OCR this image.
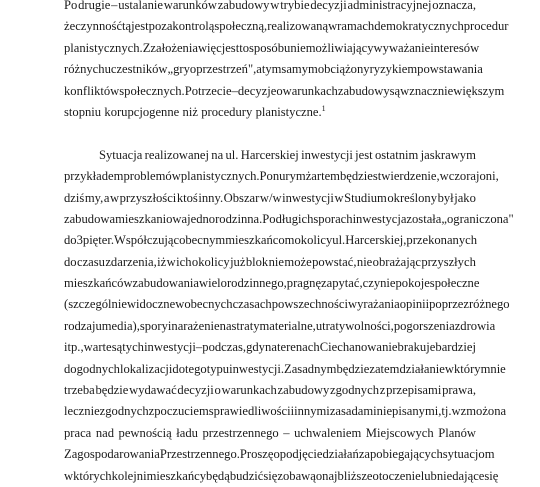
Po drugie – ustalanie warunków zabudowy w trybie decyzji administracyjnej oznacza,
że czynność tą jest poza kontrolą społeczną, realizowaną w ramach demokratycznych procedur
planistycznych. Z założenia więc jest to sposób uniemożliwiający wyważanie interesów
różnych uczestników „gry o przestrzeń", a tym samym obciążony ryzykiem powstawania
konfliktów społecznych. Po trzecie – decyzje o warunkach zabudowy są w znacznie większym
stopniu korupcjogenne niż procedury planistyczne.$^1$
Sytuacja realizowanej na ul. Harcerskiej inwestycji jest ostatnim jaskrawym
przykładem problemów planistycznych. Ponurym żartem będzie stwierdzenie, wczoraj oni,
dziś my, a w przyszłości ktoś inny. Obszar w/w inwestycji w Studium określony był jako
zabudowa mieszkaniowa jednorodzinna. Po długich sporach inwestycja została „ograniczona"
do 3 pięter. Współczując obecnym mieszkańcom okolicy ul. Harcerskiej, przekonanych
do czasu zdarzenia, iż w ich okolicy już blok nie może powstać, nie obrażając przyszłych
mieszkańców zabudowania wielorodzinnego, pragnę zapytać, czy niepokoje społeczne
(szczególnie widoczne w obecnych czasach powszechności wyrażania opinii poprzez różnego
rodzaju media), spory i narażenie na straty materialne, utraty wolności, pogorszenia zdrowia
itp., warte są tych inwestycji – podczas, gdy na terenach Ciechanowa nie brakuje bardziej
dogodnych lokalizacji do tego typu inwestycji. Zasadnym będzie zatem działanie w którym nie
trzeba będzie wydawać decyzji o warunkach zabudowy zgodnych z przepisami prawa,
lecz niezgodnych z poczuciem sprawiedliwości i innymi zasadami niepisanymi, tj. wzmożona
praca nad pewnością ładu przestrzennego – uchwaleniem Miejscowych Planów
Zagospodarowania Przestrzennego. Proszę o podjęcie działań zapobiegających sytuacjom
w których kolejni mieszkańcy będą budzić się z obawą o najbliższe otoczenie lub niedające się
